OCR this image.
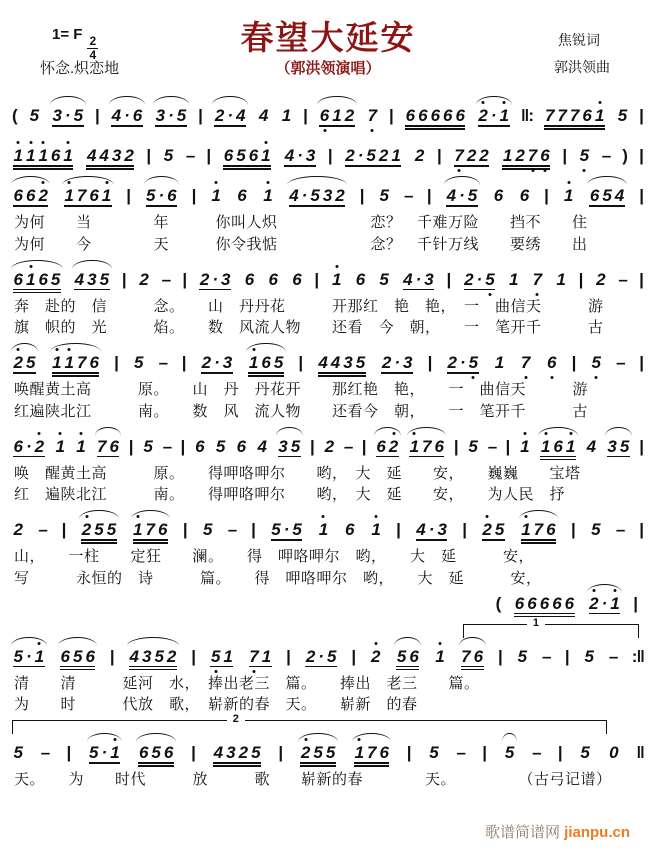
1= F
$\frac{2}{4}$
怀念.炽恋地
春望大延安
（郭洪领演唱）
焦锐词
郭洪领曲
( 5 3 · 5 | 4 · 6 3 · 5 | 2 · 4 4 1 | 6 1 2 7 | 6 6 6 6 6 2 · 1 ‖: 7 7 7 6 1 5 |
1 1 1 6 1 4 4 3 2 | 5 – | 6 5 6 1 4 · 3 | 2 · 5 2 1 2 | 7 2 2 1 2 7 6 | 5 – ) |
6 6 2 1 7 6 1 | 5 · 6 | 1 6 1 4 · 5 3 2 | 5 – | 4 · 5 6 6 | 1 6 5 4 |
为何　　当　　　　年　　　你叫人炽　　　　　　恋？　千难万险　　挡不　　住
为何　　今　　　　天　　　你令我惦　　　　　　念？　千针万线　　要绣　　出
6 1 6 5 4 3 5 | 2 – | 2 · 3 6 6 6 | 1 6 5 4 · 3 | 2 · 5 1 7 1 | 2 – |
奔　赴的　信　　　念。　　山　丹丹花　　　开那红　艳　艳，　一　曲信天　　　游
旗　帜的　光　　　焰。　　数　风流人物　　还看　今　朝，　　一　笔开千　　　古
2 5 1 1 7 6 | 5 – | 2 · 3 1 6 5 | 4 4 3 5 2 · 3 | 2 · 5 1 7 6 | 5 – |
唤醒黄土高　　　原。　　山　丹　丹花开　　那红艳　艳，　　一　曲信天　　　游
红遍陕北江　　　南。　　数　风　流人物　　还看今　朝，　　一　笔开千　　　古
6 · 2 1 1 7 6 | 5 – | 6 5 6 4 3 5 | 2 – | 6 2 1 7 6 | 5 – | 1 1 6 1 4 3 5 |
唤　醒黄土高　　　原。　　得呷咯呷尔　　哟，　大　延　　安，　　巍巍　　宝塔
红　遍陕北江　　　南。　　得呷咯呷尔　　哟，　大　延　　安，　　为人民　抒
2 – | 2 5 5 1 7 6 | 5 – | 5 · 5 1 6 1 | 4 · 3 | 2 5 1 7 6 | 5 – |
山，　　一柱　　定狂　　澜。　　得　呷咯呷尔　哟，　　大　延　　　安，
写　　　永恒的　诗　　　篇。　　得　呷咯呷尔　哟，　　大　延　　　安，
( 6 6 6 6 6 2 · 1 |
1
5 · 1 6 5 6 | 4 3 5 2 | 5 1 7 1 | 2 · 5 | 2 5 6 1 7 6 | 5 – | 5 – :‖
清　　清　　　延河　水，　捧出老三　篇。　　捧出　老三　　篇。
为　　时　　　代放　歌，　崭新的春　天。　　崭新　的春
2
5 – | 5 · 1 6 5 6 | 4 3 2 5 | 2 5 5 1 7 6 | 5 – | 5 – | 5 0 ‖
天。　　为　　时代　　　放　　　歌　　崭新的春　　　　天。　　　　　（古弓记谱）
歌谱简谱网 jianpu.cn
